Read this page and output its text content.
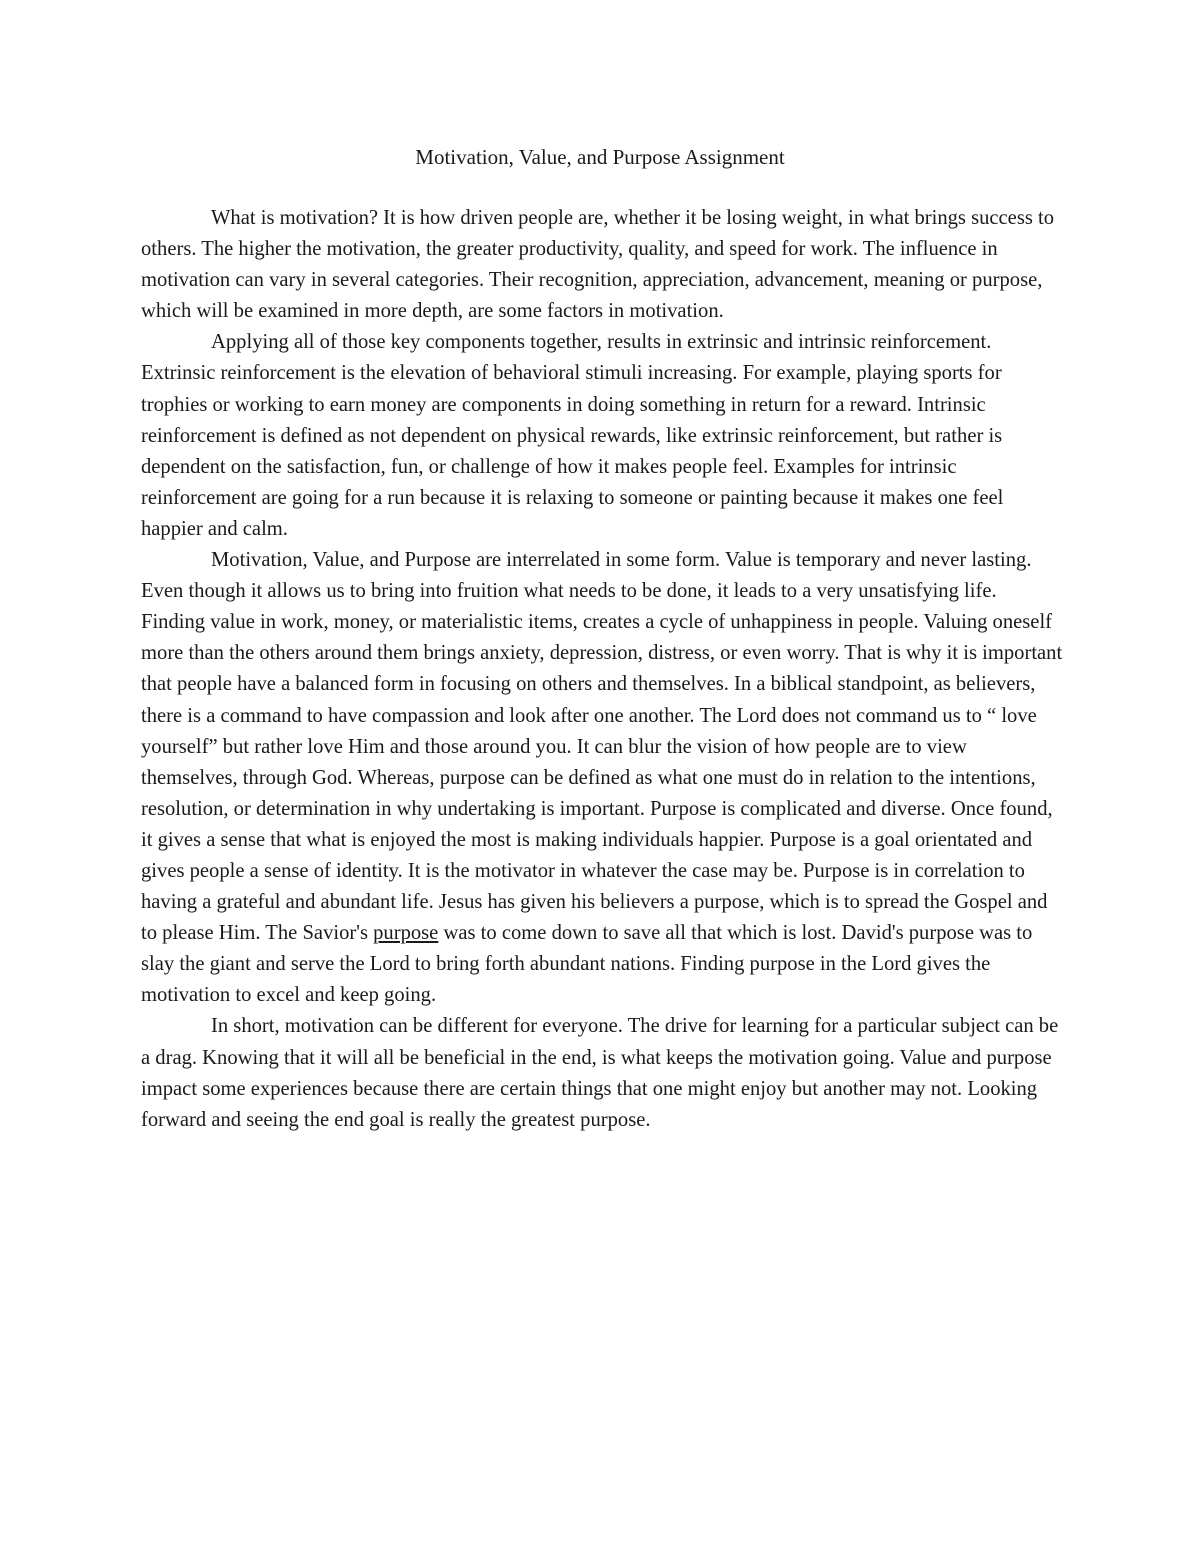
Motivation, Value, and Purpose Assignment

What is motivation? It is how driven people are, whether it be losing weight, in what brings success to others. The higher the motivation, the greater productivity, quality, and speed for work. The influence in motivation can vary in several categories. Their recognition, appreciation, advancement, meaning or purpose, which will be examined in more depth, are some factors in motivation.

Applying all of those key components together, results in extrinsic and intrinsic reinforcement. Extrinsic reinforcement is the elevation of behavioral stimuli increasing. For example, playing sports for trophies or working to earn money are components in doing something in return for a reward. Intrinsic reinforcement is defined as not dependent on physical rewards, like extrinsic reinforcement, but rather is dependent on the satisfaction, fun, or challenge of how it makes people feel. Examples for intrinsic reinforcement are going for a run because it is relaxing to someone or painting because it makes one feel happier and calm.

Motivation, Value, and Purpose are interrelated in some form. Value is temporary and never lasting. Even though it allows us to bring into fruition what needs to be done, it leads to a very unsatisfying life. Finding value in work, money, or materialistic items, creates a cycle of unhappiness in people. Valuing oneself more than the others around them brings anxiety, depression, distress, or even worry. That is why it is important that people have a balanced form in focusing on others and themselves. In a biblical standpoint, as believers, there is a command to have compassion and look after one another. The Lord does not command us to “ love yourself” but rather love Him and those around you. It can blur the vision of how people are to view themselves, through God. Whereas, purpose can be defined as what one must do in relation to the intentions, resolution, or determination in why undertaking is important. Purpose is complicated and diverse. Once found, it gives a sense that what is enjoyed the most is making individuals happier. Purpose is a goal orientated and gives people a sense of identity. It is the motivator in whatever the case may be. Purpose is in correlation to having a grateful and abundant life. Jesus has given his believers a purpose, which is to spread the Gospel and to please Him. The Savior's purpose was to come down to save all that which is lost. David's purpose was to slay the giant and serve the Lord to bring forth abundant nations. Finding purpose in the Lord gives the motivation to excel and keep going.

In short, motivation can be different for everyone. The drive for learning for a particular subject can be a drag. Knowing that it will all be beneficial in the end, is what keeps the motivation going. Value and purpose impact some experiences because there are certain things that one might enjoy but another may not. Looking forward and seeing the end goal is really the greatest purpose.
